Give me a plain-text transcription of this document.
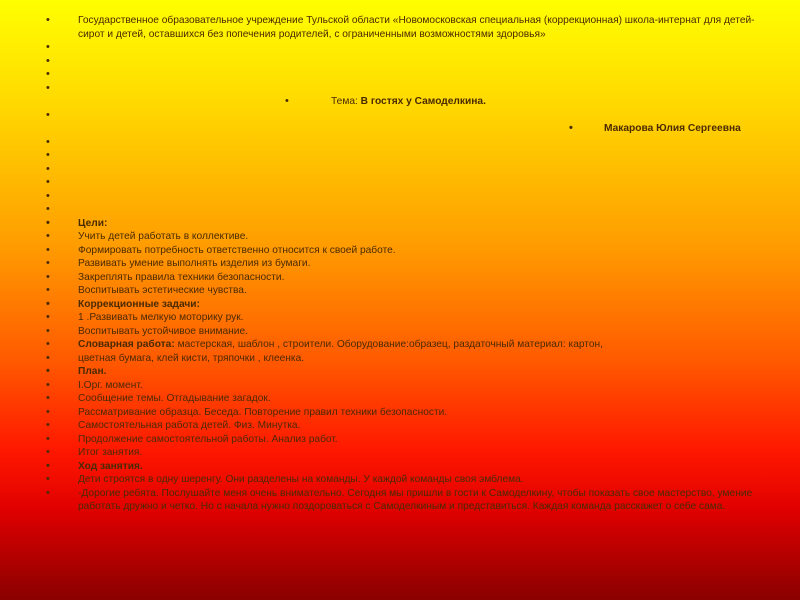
• Государственное образовательное учреждение Тульской области «Новомосковская специальная (коррекционная) школа-интернат для детей-сирот и детей, оставшихся без попечения родителей, с ограниченными возможностями здоровья»
•
•
•
•
• Тема: В гостях у Самоделкина.
•
• Макарова Юлия Сергеевна
•
•
•
•
•
•
• Цели:
• Учить детей работать в коллективе.
• Формировать потребность ответственно относится к своей работе.
• Развивать умение выполнять изделия из бумаги.
• Закреплять правила техники безопасности.
• Воспитывать эстетические чувства.
• Коррекционные задачи:
• 1 .Развивать мелкую моторику рук.
• Воспитывать устойчивое внимание.
• Словарная работа: мастерская, шаблон , строители. Оборудование:образец, раздаточный материал: картон,
• цветная бумага, клей кисти, тряпочки , клеенка.
• План.
• I.Орг. момент.
• Сообщение темы. Отгадывание загадок.
• Рассматривание образца. Беседа. Повторение правил техники безопасности.
• Самостоятельная работа детей. Физ. Минутка.
• Продолжение самостоятельной работы. Анализ работ.
• Итог занятия.
• Ход занятия.
• Дети строятся в одну шеренгу. Они разделены на команды. У каждой команды своя эмблема.
• -Дорогие ребята. Послушайте меня очень внимательно. Сегодня мы пришли в гости к Самоделкину, чтобы показать свое мастерство, умение работать дружно и четко. Но с начала нужно поздороваться с Самоделкиным и представиться. Каждая команда расскажет о себе сама.
